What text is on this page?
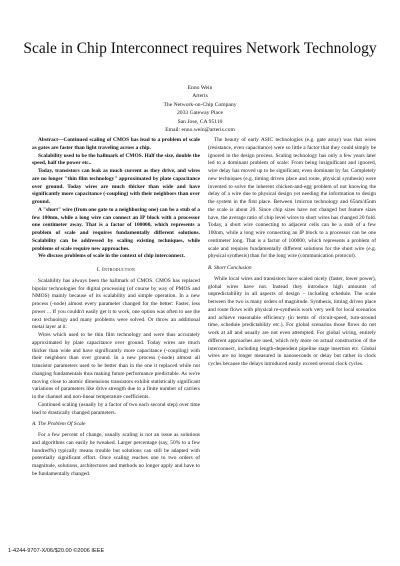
Scale in Chip Interconnect requires Network Technology
Enno Wein
Arteris
The Network-on-Chip Company
2033 Gateway Place
San Jose, CA 95110
Email: enno.wein@arteris.com

Abstract—Continued scaling of CMOS has lead to a problem of scale as gates are faster than light traveling across a chip.

Scalability used to be the hallmark of CMOS. Half the size, double the speed, half the power etc..

Today, transistors can leak as much current as they drive, and wires are no longer "thin film technology" approximated by plate capacitance over ground. Today wires are much thicker than wide and have significantly more capacitance (-coupling) with their neighbors than over ground.

A "short" wire (from one gate to a neighboring one) can be a stub of a few 100nm, while a long wire can connect an IP block with a processor one centimeter away. That is a factor of 100000, which represents a problem of scale and requires fundamentally different solutions. Scalability can be addressed by scaling existing techniques, while problems of scale require new approaches.

We discuss problems of scale in the context of chip interconnect.

I. Introduction

Scalability has always been the hallmark of CMOS. CMOS has replaced bipolar technologies for digital processing (of course by way of PMOS and NMOS) mainly because of its scalability and simple operation. In a new process (-node) almost every parameter changed for the better: Faster, less power ... If you couldn't easily get it to work, one option was often to use the next technology and many problems were solved. Or throw an additional metal layer at it.

Wires which used to be thin film technology and were thus accurately approximated by plate capacitance over ground. Today wires are much thicker than wide and have significantly more capacitance (-coupling) with their neighbors than over ground. In a new process (-node) almost all transistor parameters used to be better than in the one it replaced while not changing fundamentals thus making future performance predictable. As we're moving close to atomic dimensions transistors exhibit statistically significant variations of parameters like drive strength due to a finite number of carriers in the channel and non-linear temperature coefficients.

Continued scaling (usually by a factor of two each second step) over time lead to drastically changed parameters.

A. The Problem Of Scale

For a few percent of change, usually scaling is not an issue as solutions and algorithms can easily be tweaked. Larger percentage (say, 50% to a few hundred%) typically means trouble but solutions can still be adapted with potentially significant effort. Once scaling reaches one to two orders of magnitude, solutions, architectures and methods no longer apply and have to be fundamentally changed.

The beauty of early ASIC technologies (e.g. gate array) was that wires (resistance, even capacitance) were so little a factor that they could simply be ignored in the design process. Scaling technology has only a few years later led to a dominant problem of scale: From being insignificant and ignored, wire delay has moved up to be significant, even dominant by far. Completely new techniques (e.g. timing driven place and route, physical synthesis) were invented to solve the inherent chicken-and-egg problem of not knowing the delay of a wire due to physical design yet needing the information to design the system in the first place. Between 1micron technology and 65nm/45nm the scale is about 20. Since chip sizes have not changed but feature sizes have, the average ratio of chip level wires to short wires has changed 20 fold. Today, a short wire connecting to adjacent cells can be a stub of a few 100nm, while a long wire connecting an IP block to a processor can be one centimeter long. That is a factor of 100000, which represents a problem of scale and requires fundamentally different solutions for the short wire (e.g. physical synthesis) than for the long wire (communication protocol).

B. Short Conclusion

While local wires and transistors have scaled nicely (faster, lower power), global wires have not. Instead they introduce high amounts of unpredictability in all aspects of design – including schedule. The scale between the two is many orders of magnitude. Synthesis, timing driven place and route flows with physical re-synthesis work very well for local scenarios and achieve reasonable efficiency (in terms of circuit-speed, turn-around time, schedule predictability etc.). For global scenarios those flows do not work at all and usually are not even attempted. For global wiring, entirely different approaches are used, which rely more on actual construction of the interconnect, including length-dependent pipeline stage insertion etc. Global wires are no longer measured in nanoseconds or delay but rather in clock cycles because the delays introduced easily exceed several clock cycles.

1-4244-9707-X/06/$20.00 ©2006 IEEE
